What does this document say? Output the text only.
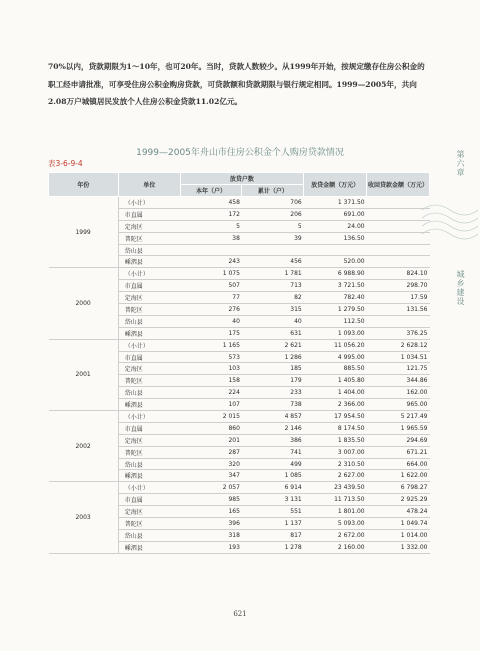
70%以内，贷款期限为1～10年，也可20年。当时，贷款人数较少。从1999年开始，按规定缴存住房公积金的

职工经申请批准，可享受住房公积金购房贷款，可贷款额和贷款期限与银行规定相同。1999—2005年，共向

2.08万户城镇居民发放个人住房公积金贷款11.02亿元。

1999—2005年舟山市住房公积金个人购房贷款情况
表3-6-9-4	第六章
城乡建设
年份	单位	放贷户数		放贷金额（万元）	收回贷款金额（万元）
		本年（户）	累计（户）		
1999	（小计）	458	706	1 371.50	
	市直属	172	206	691.00	
	定海区	5	5	24.00	
	普陀区	38	39	136.50	
	岱山县				
	嵊泗县	243	456	520.00	
2000	（小计）	1 075	1 781	6 988.90	824.10
	市直属	507	713	3 721.50	298.70
	定海区	77	82	782.40	17.59
	普陀区	276	315	1 279.50	131.56
	岱山县	40	40	112.50	
	嵊泗县	175	631	1 093.00	376.25
2001	（小计）	1 165	2 621	11 056.20	2 628.12
	市直属	573	1 286	4 995.00	1 034.51
	定海区	103	185	885.50	121.75
	普陀区	158	179	1 405.80	344.86
	岱山县	224	233	1 404.00	162.00
	嵊泗县	107	738	2 366.00	965.00
2002	（小计）	2 015	4 857	17 954.50	5 217.49
	市直属	860	2 146	8 174.50	1 965.59
	定海区	201	386	1 835.50	294.69
	普陀区	287	741	3 007.00	671.21
	岱山县	320	499	2 310.50	664.00
	嵊泗县	347	1 085	2 627.00	1 622.00
2003	（小计）	2 057	6 914	23 439.50	6 798.27
	市直属	985	3 131	11 713.50	2 925.29
	定海区	165	551	1 801.00	478.24
	普陀区	396	1 137	5 093.00	1 049.74
	岱山县	318	817	2 672.00	1 014.00
	嵊泗县	193	1 278	2 160.00	1 332.00
621
